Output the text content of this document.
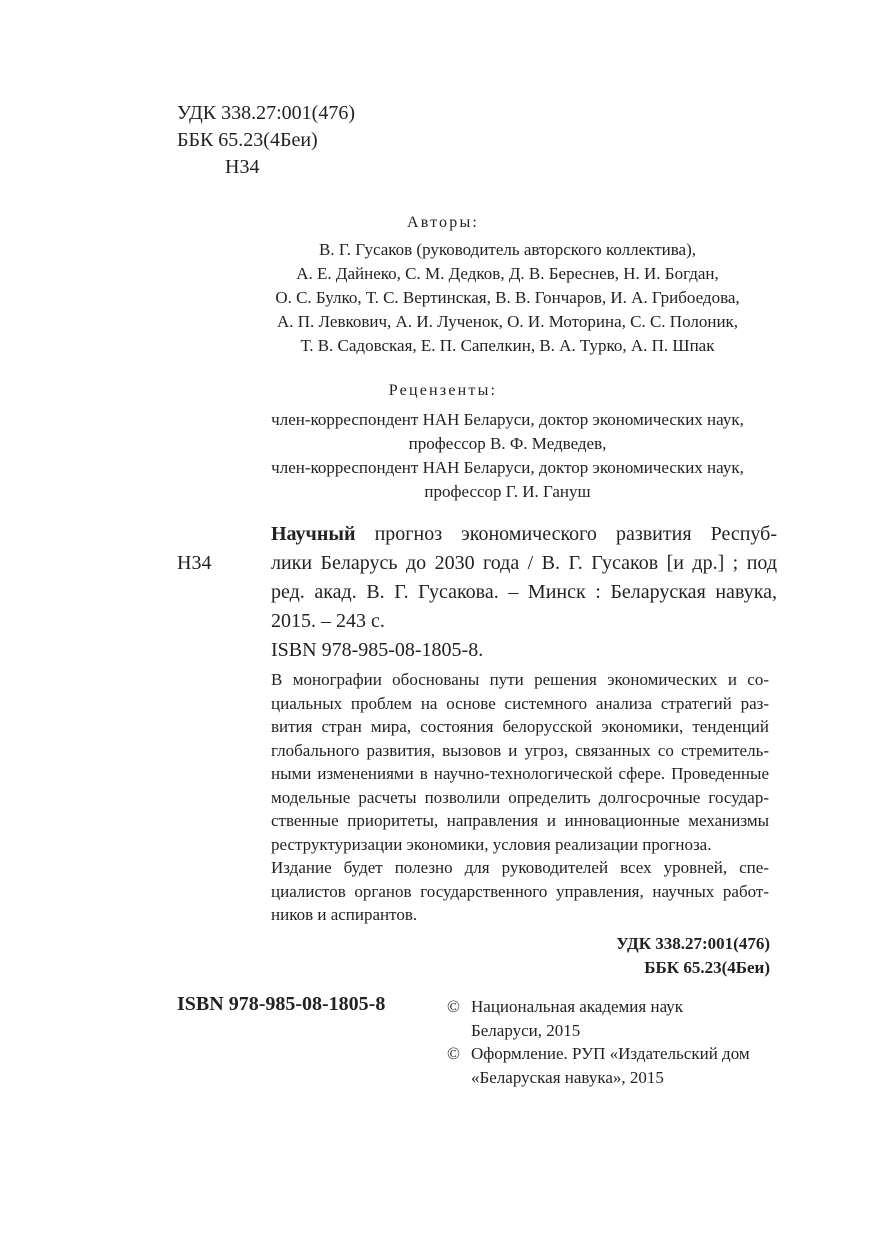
УДК 338.27:001(476)
ББК 65.23(4Беи)
Н34
Авторы:
В. Г. Гусаков (руководитель авторского коллектива),
А. Е. Дайнеко, С. М. Дедков, Д. В. Береснев, Н. И. Богдан,
О. С. Булко, Т. С. Вертинская, В. В. Гончаров, И. А. Грибоедова,
А. П. Левкович, А. И. Лученок, О. И. Моторина, С. С. Полоник,
Т. В. Садовская, Е. П. Сапелкин, В. А. Турко, А. П. Шпак
Рецензенты:
член-корреспондент НАН Беларуси, доктор экономических наук,
профессор В. Ф. Медведев,
член-корреспондент НАН Беларуси, доктор экономических наук,
профессор Г. И. Гануш
Н34
Научный прогноз экономического развития Респуб-
лики Беларусь до 2030 года / В. Г. Гусаков [и др.] ; под
ред. акад. В. Г. Гусакова. – Минск : Беларуская навука,
2015. – 243 с.
ISBN 978-985-08-1805-8.

В монографии обоснованы пути решения экономических и со-
циальных проблем на основе системного анализа стратегий раз-
вития стран мира, состояния белорусской экономики, тенденций
глобального развития, вызовов и угроз, связанных со стремитель-
ными изменениями в научно-технологической сфере. Проведенные
модельные расчеты позволили определить долгосрочные государ-
ственные приоритеты, направления и инновационные механизмы
реструктуризации экономики, условия реализации прогноза.

Издание будет полезно для руководителей всех уровней, спе-
циалистов органов государственного управления, научных работ-
ников и аспирантов.

УДК 338.27:001(476)
ББК 65.23(4Беи)
ISBN 978-985-08-1805-8	© Национальная академия наук
Беларуси, 2015
© Оформление. РУП «Издательский дом
«Беларуская навука», 2015
